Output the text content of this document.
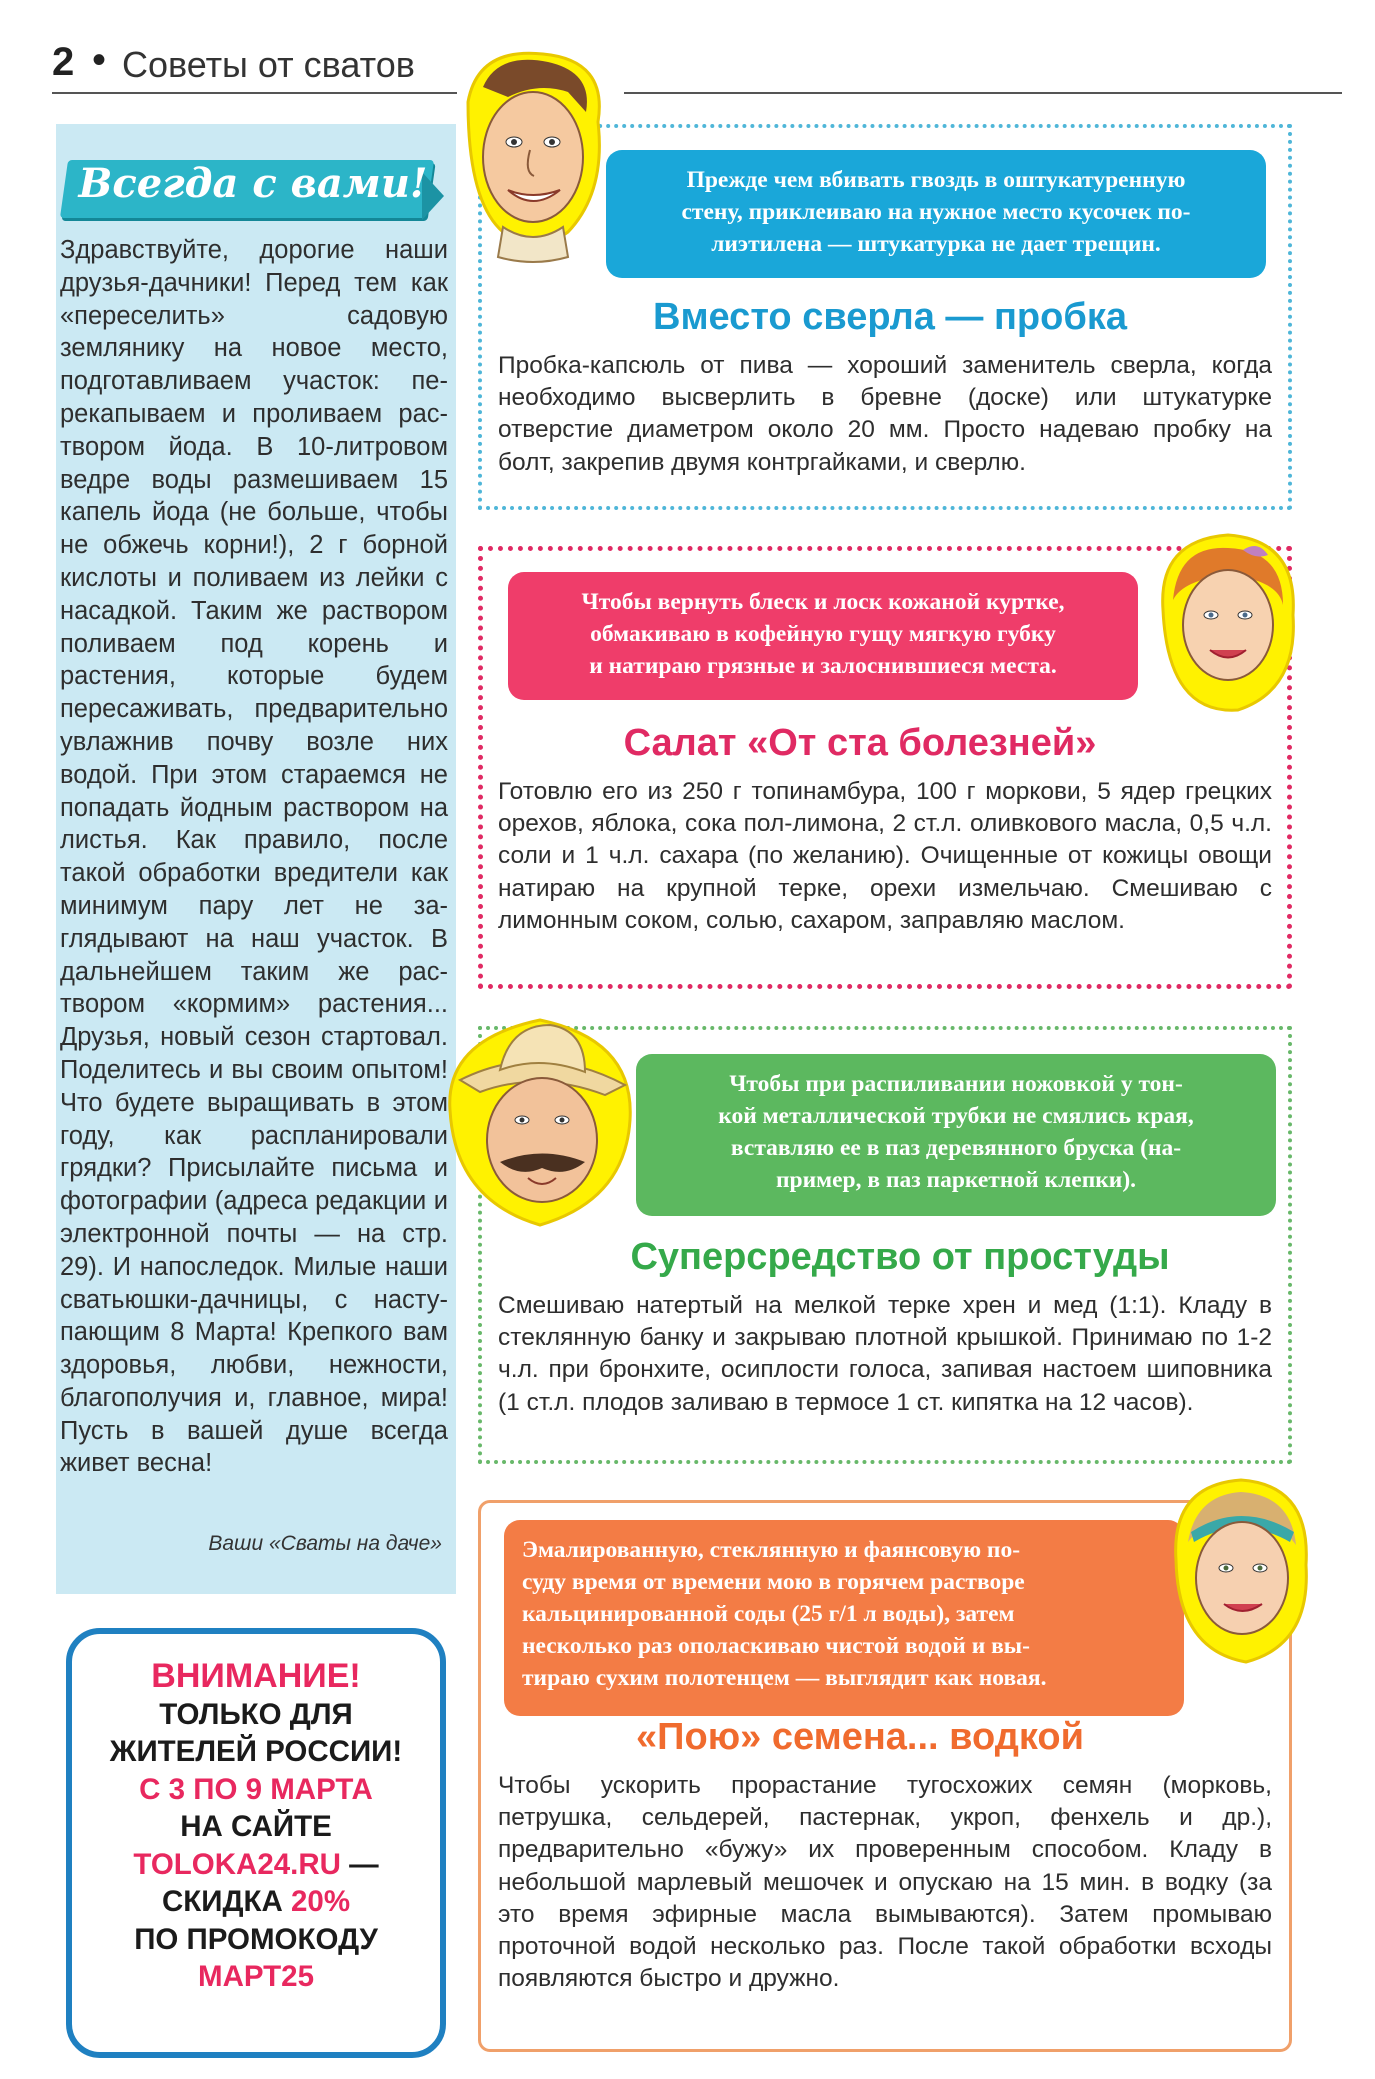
2 • Советы от сватов
Всегда с вами!
Здравствуйте, дорогие наши друзья-дачники! Перед тем как «переселить» садовую землянику на новое место, подготавливаем участок: перекапываем и проливаем раствором йода. В 10-литровом ведре воды размешиваем 15 капель йода (не больше, чтобы не обжечь корни!), 2 г борной кислоты и поливаем из лейки с насадкой. Таким же раствором поливаем под корень и растения, которые будем пересаживать, предварительно увлажнив почву возле них водой. При этом стараемся не попадать йодным раствором на листья. Как правило, после такой обработки вредители как минимум пару лет не заглядывают на наш участок. В дальнейшем таким же раствором «кормим» растения... Друзья, новый сезон стартовал. Поделитесь и вы своим опытом! Что будете выращивать в этом году, как распланировали грядки? Присылайте письма и фотографии (адреса редакции и электронной почты — на стр. 29). И напоследок. Милые наши сватьюшки-дачницы, с наступающим 8 Марта! Крепкого вам здоровья, любви, нежности, благополучия и, главное, мира! Пусть в вашей душе всегда живет весна!
Ваши «Сваты на даче»
ВНИМАНИЕ!
ТОЛЬКО ДЛЯ
ЖИТЕЛЕЙ РОССИИ!
С 3 ПО 9 МАРТА
НА САЙТЕ
TOLOKA24.RU —
СКИДКА 20%
ПО ПРОМОКОДУ
МАРТ25

Прежде чем вбивать гвоздь в оштукатуренную

стену, приклеиваю на нужное место кусочек по-

лиэтилена — штукатурка не дает трещин.

Вместо сверла — пробка
Пробка-капсюль от пива — хороший заменитель сверла, когда необходимо высверлить в бревне (доске) или штукатурке отверстие диаметром около 20 мм. Просто надеваю пробку на болт, закрепив двумя контргайками, и сверлю.

Чтобы вернуть блеск и лоск кожаной куртке,

обмакиваю в кофейную гущу мягкую губку

и натираю грязные и залоснившиеся места.

Салат «От ста болезней»
Готовлю его из 250 г топинамбура, 100 г моркови, 5 ядер грецких орехов, яблока, сока пол-лимона, 2 ст.л. оливкового масла, 0,5 ч.л. соли и 1 ч.л. сахара (по желанию). Очищенные от кожицы овощи натираю на крупной терке, орехи измельчаю. Смешиваю с лимонным соком, солью, сахаром, заправляю маслом.

Чтобы при распиливании ножовкой у тон-

кой металлической трубки не смялись края,

вставляю ее в паз деревянного бруска (на-

пример, в паз паркетной клепки).

Суперсредство от простуды
Смешиваю натертый на мелкой терке хрен и мед (1:1). Кладу в стеклянную банку и закрываю плотной крышкой. Принимаю по 1-2 ч.л. при бронхите, осиплости голоса, запивая настоем шиповника (1 ст.л. плодов заливаю в термосе 1 ст. кипятка на 12 часов).

Эмалированную, стеклянную и фаянсовую по-

суду время от времени мою в горячем растворе

кальцинированной соды (25 г/1 л воды), затем

несколько раз ополаскиваю чистой водой и вы-

тираю сухим полотенцем — выглядит как новая.

«Пою» семена... водкой
Чтобы ускорить прорастание тугосхожих семян (морковь, петрушка, сельдерей, пастернак, укроп, фенхель и др.), предварительно «бужу» их проверенным способом. Кладу в небольшой марлевый мешочек и опускаю на 15 мин. в водку (за это время эфирные масла вымываются). Затем промываю проточной водой несколько раз. После такой обработки всходы появляются быстро и дружно.
